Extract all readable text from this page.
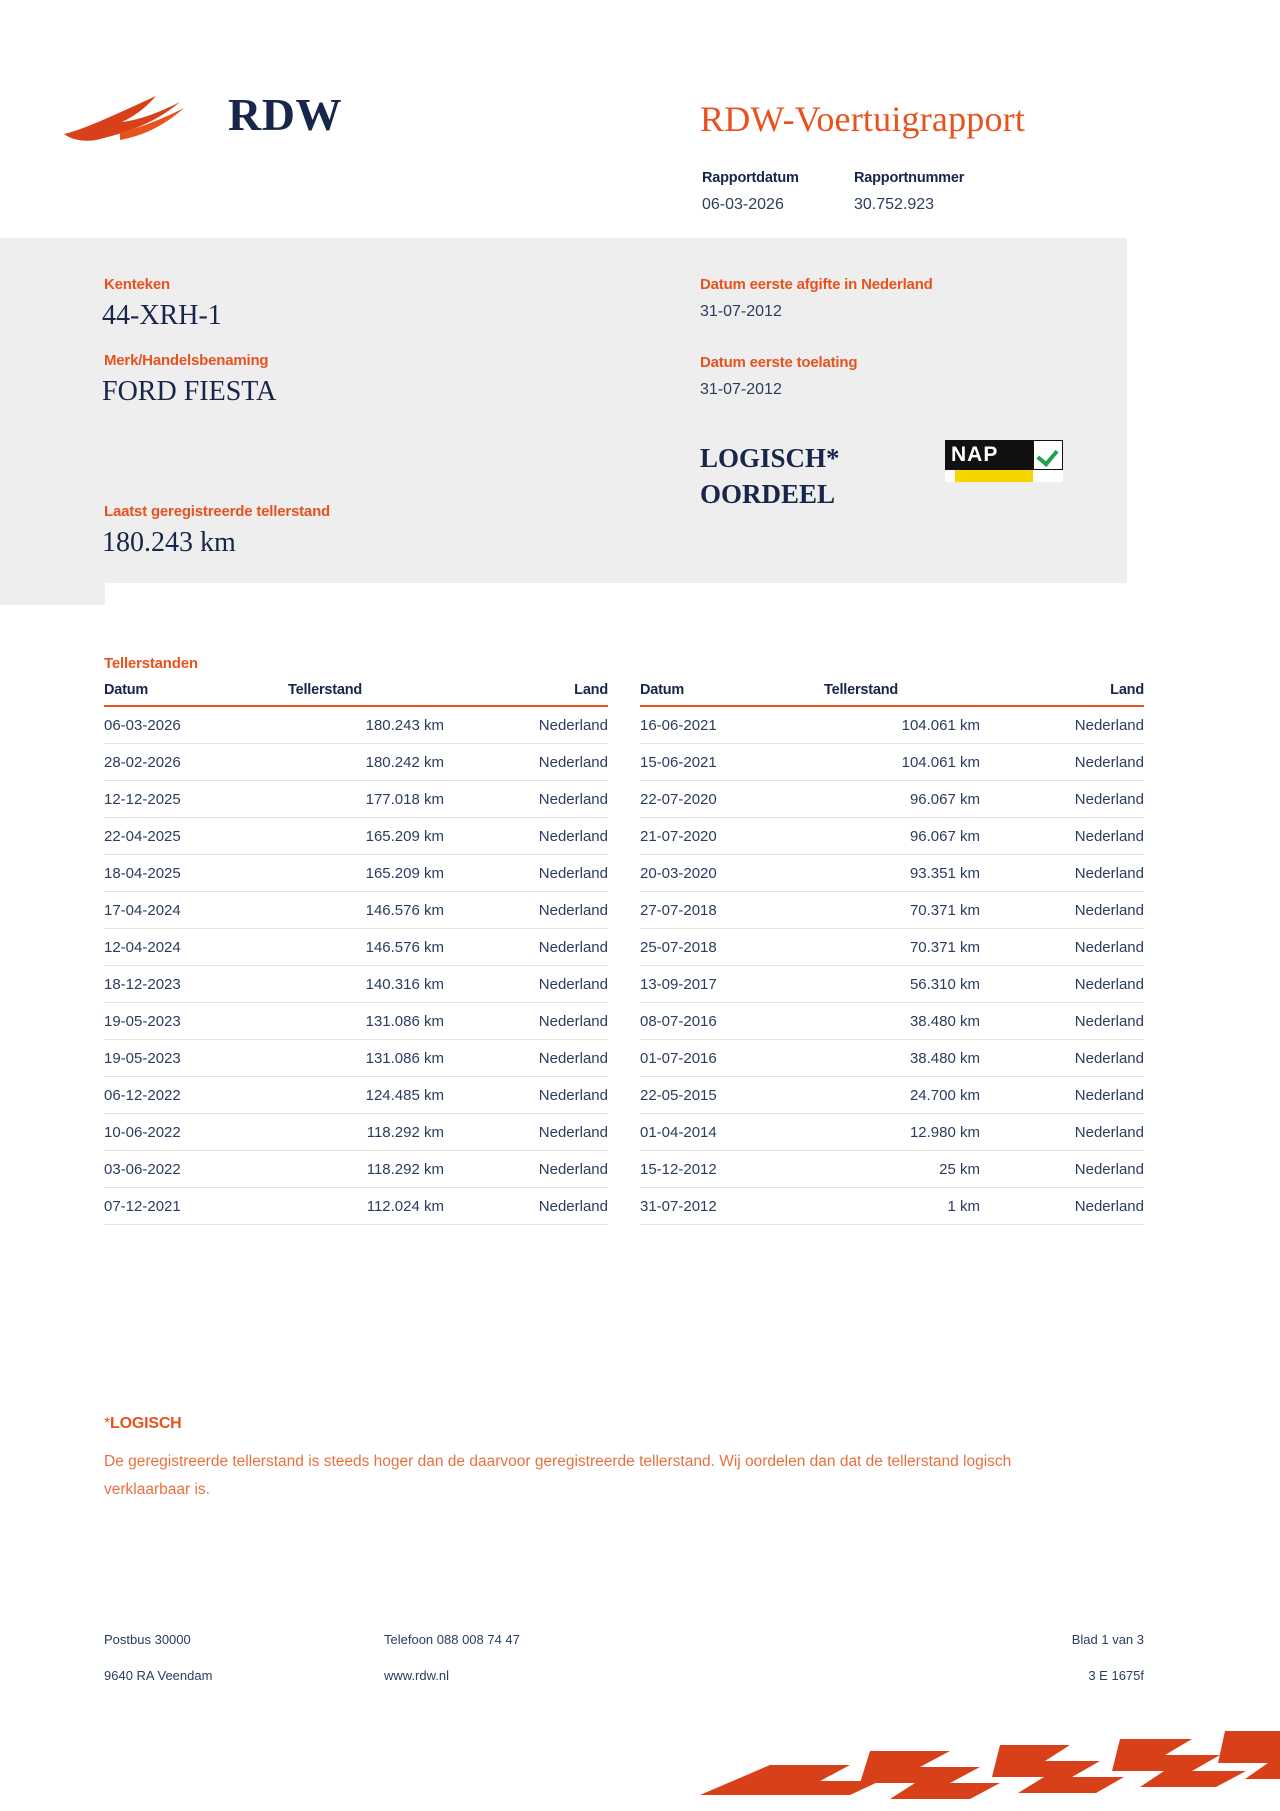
RDW	RDW-Voertuigrapport
Rapportdatum
06-03-2026
Rapportnummer
30.752.923
Kenteken
44-XRH-1
Merk/Handelsbenaming
FORD FIESTA
Laatst geregistreerde tellerstand
180.243 km
Datum eerste afgifte in Nederland
31-07-2012
Datum eerste toelating
31-07-2012
LOGISCH*
OORDEEL
NAP
Tellerstanden
Datum	Tellerstand	Land
06-03-2026	180.243 km	Nederland
28-02-2026	180.242 km	Nederland
12-12-2025	177.018 km	Nederland
22-04-2025	165.209 km	Nederland
18-04-2025	165.209 km	Nederland
17-04-2024	146.576 km	Nederland
12-04-2024	146.576 km	Nederland
18-12-2023	140.316 km	Nederland
19-05-2023	131.086 km	Nederland
19-05-2023	131.086 km	Nederland
06-12-2022	124.485 km	Nederland
10-06-2022	118.292 km	Nederland
03-06-2022	118.292 km	Nederland
07-12-2021	112.024 km	Nederland
Datum	Tellerstand	Land
16-06-2021	104.061 km	Nederland
15-06-2021	104.061 km	Nederland
22-07-2020	96.067 km	Nederland
21-07-2020	96.067 km	Nederland
20-03-2020	93.351 km	Nederland
27-07-2018	70.371 km	Nederland
25-07-2018	70.371 km	Nederland
13-09-2017	56.310 km	Nederland
08-07-2016	38.480 km	Nederland
01-07-2016	38.480 km	Nederland
22-05-2015	24.700 km	Nederland
01-04-2014	12.980 km	Nederland
15-12-2012	25 km	Nederland
31-07-2012	1 km	Nederland
*LOGISCH
De geregistreerde tellerstand is steeds hoger dan de daarvoor geregistreerde tellerstand. Wij oordelen dan dat de tellerstand logisch verklaarbaar is.
Postbus 30000	Telefoon 088 008 74 47	Blad 1 van 3
9640 RA Veendam	www.rdw.nl	3 E 1675f
